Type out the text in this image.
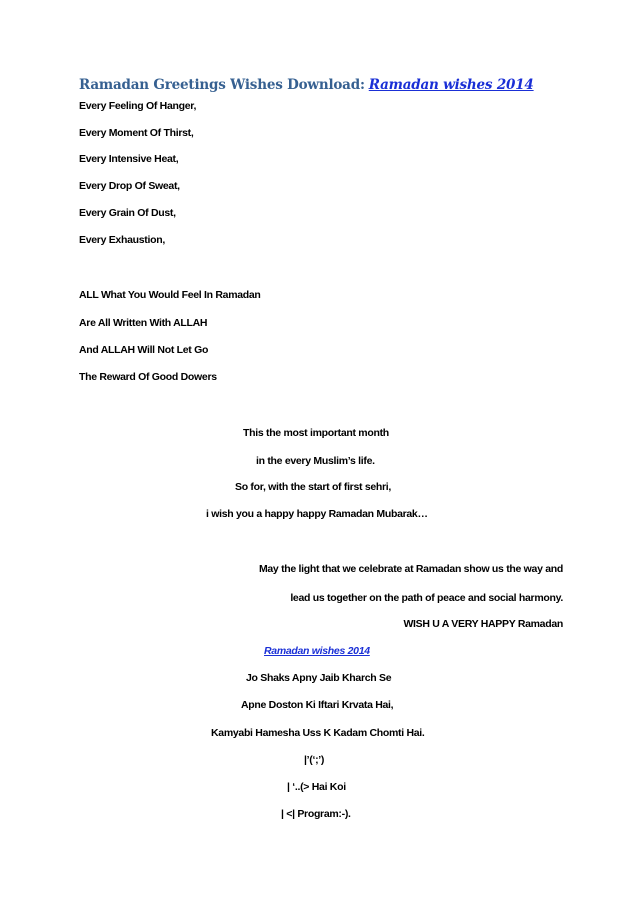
Ramadan Greetings Wishes Download: Ramadan wishes 2014
Every Feeling Of Hanger,
Every Moment Of Thirst,
Every Intensive Heat,
Every Drop Of Sweat,
Every Grain Of Dust,
Every Exhaustion,
ALL What You Would Feel In Ramadan
Are All Written With ALLAH
And ALLAH Will Not Let Go
The Reward Of Good Dowers
This the most important month
in the every Muslim’s life.
So for, with the start of first sehri,
i wish you a happy happy Ramadan Mubarak…
May the light that we celebrate at Ramadan show us the way and
lead us together on the path of peace and social harmony.
WISH U A VERY HAPPY Ramadan
Ramadan wishes 2014
Jo Shaks Apny Jaib Kharch Se
Apne Doston Ki Iftari Krvata Hai,
Kamyabi Hamesha Uss K Kadam Chomti Hai.
|’(‘;’)
| ‘..(> Hai Koi
| <| Program:-).
